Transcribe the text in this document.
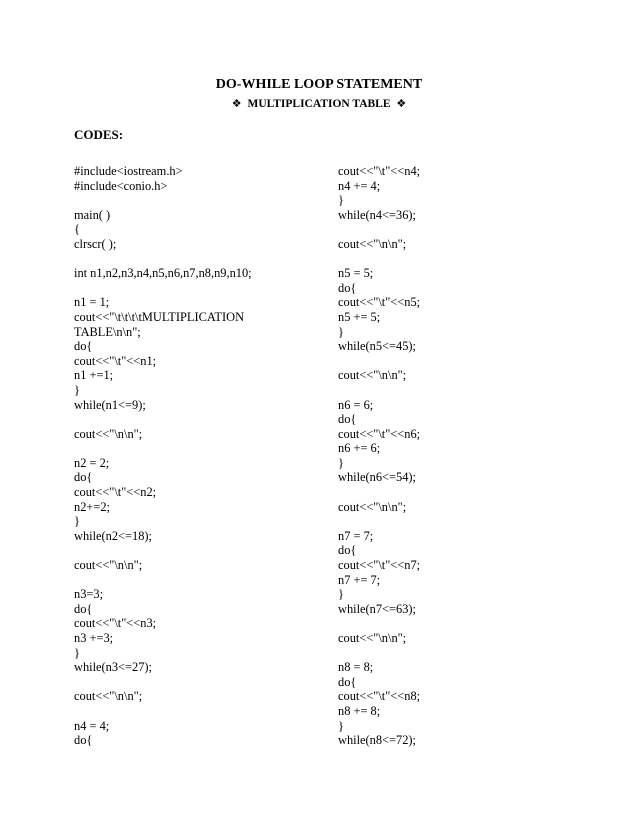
DO-WHILE LOOP STATEMENT
❖ MULTIPLICATION TABLE ❖
CODES:
#include<iostream.h>
#include<conio.h>
main( )
{
clrscr( );
int n1,n2,n3,n4,n5,n6,n7,n8,n9,n10;
n1 = 1;
cout<<"\t\t\t\tMULTIPLICATION
TABLE\n\n";
do{
cout<<"\t"<<n1;
n1 +=1;
}
while(n1<=9);
cout<<"\n\n";
n2 = 2;
do{
cout<<"\t"<<n2;
n2+=2;
}
while(n2<=18);
cout<<"\n\n";
n3=3;
do{
cout<<"\t"<<n3;
n3 +=3;
}
while(n3<=27);
cout<<"\n\n";
n4 = 4;
do{
cout<<"\t"<<n4;
n4 += 4;
}
while(n4<=36);
cout<<"\n\n";
n5 = 5;
do{
cout<<"\t"<<n5;
n5 += 5;
}
while(n5<=45);
cout<<"\n\n";
n6 = 6;
do{
cout<<"\t"<<n6;
n6 += 6;
}
while(n6<=54);
cout<<"\n\n";
n7 = 7;
do{
cout<<"\t"<<n7;
n7 += 7;
}
while(n7<=63);
cout<<"\n\n";
n8 = 8;
do{
cout<<"\t"<<n8;
n8 += 8;
}
while(n8<=72);
